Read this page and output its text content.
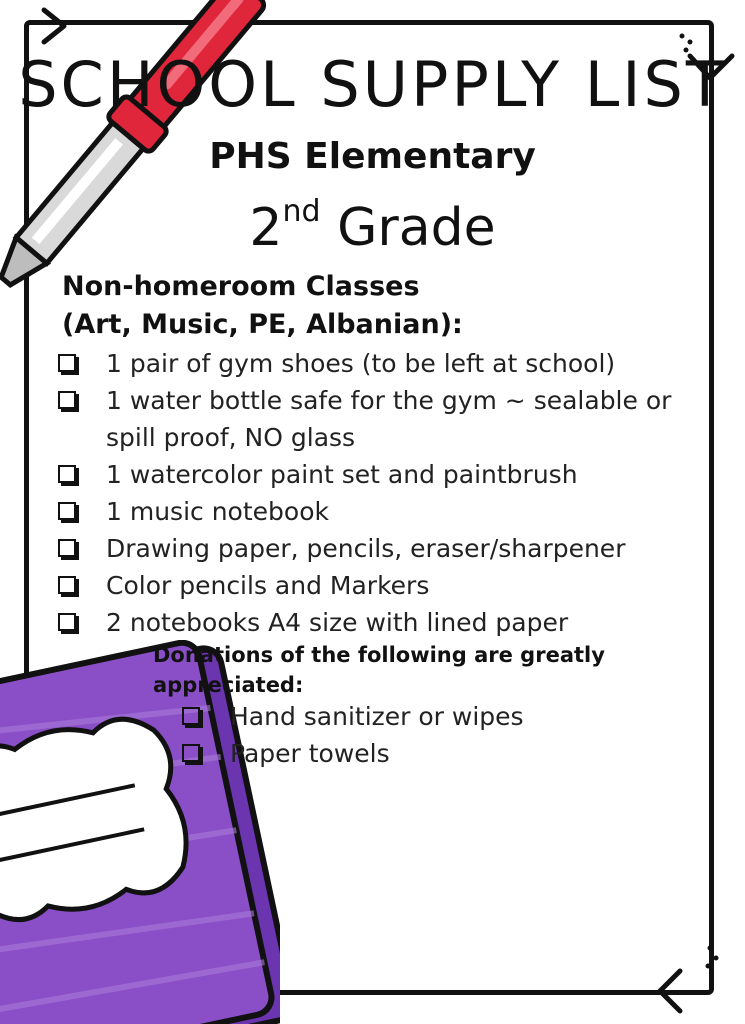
SCHOOL SUPPLY LIST
PHS Elementary
2nd Grade
Non-homeroom Classes
(Art, Music, PE, Albanian):
1 pair of gym shoes (to be left at school)
1 water bottle safe for the gym ~ sealable or spill proof, NO glass
1 watercolor paint set and paintbrush
1 music notebook
Drawing paper, pencils, eraser/sharpener
Color pencils and Markers
2 notebooks A4 size with lined paper
Donations of the following are greatly appreciated:
Hand sanitizer or wipes
Paper towels
